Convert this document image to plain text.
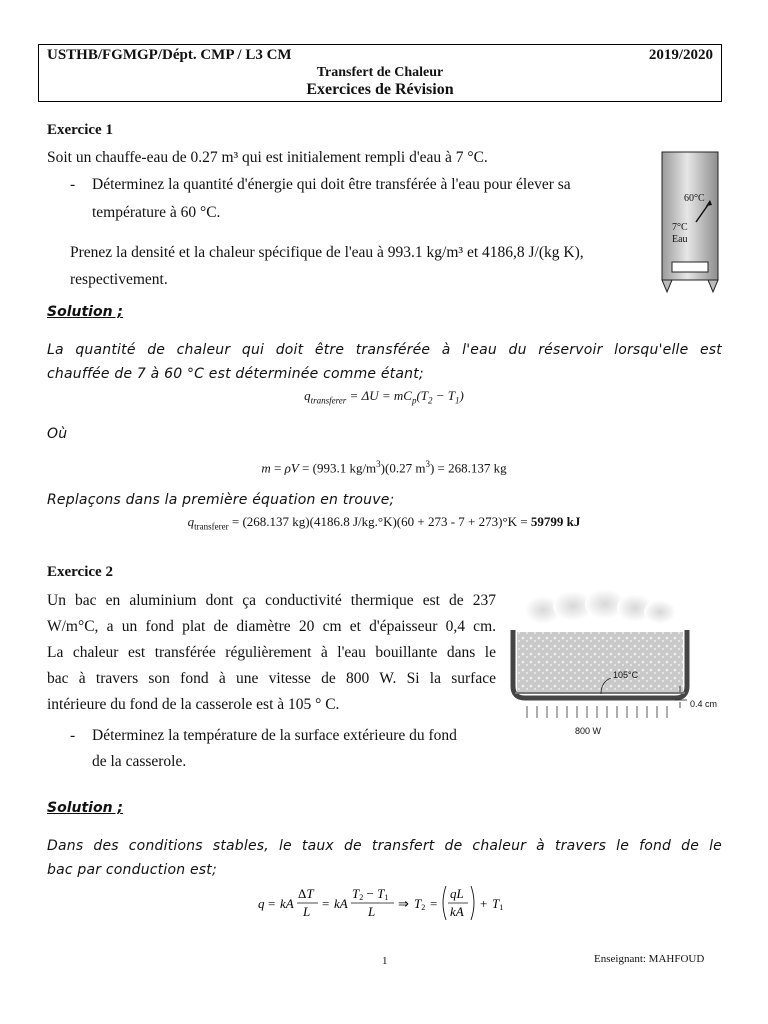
USTHB/FGMGP/Dépt. CMP / L3 CM	2019/2020
Transfert de Chaleur
Exercices de Révision
Exercice 1
Soit un chauffe-eau de 0.27 m³ qui est initialement rempli d'eau à 7 °C.
- Déterminez la quantité d'énergie qui doit être transférée à l'eau pour élever sa
température à 60 °C.
Prenez la densité et la chaleur spécifique de l'eau à 993.1 kg/m³ et 4186,8 J/(kg K),
respectivement.
60°C
7°C
Eau
Solution ;
La quantité de chaleur qui doit être transférée à l'eau du réservoir lorsqu'elle est
chauffée de 7 à 60 °C est déterminée comme étant;
$q_{transferer} = \Delta U = mC_p(T_2 - T_1)$
Où
m = ρV = (993.1 $kg/m^3)(0.27$ $m^3) = 268.137$ kg
Replaçons dans la première équation en trouve;
$q_{transferer} = (268.137$ kg)(4186.8 J/kg.°K)(60 + 273 - 7 + 273)°K = 59799 kJ
Exercice 2
Un bac en aluminium dont ça conductivité thermique est de 237
W/m°C, a un fond plat de diamètre 20 cm et d'épaisseur 0,4 cm.
La chaleur est transférée régulièrement à l'eau bouillante dans le
bac à travers son fond à une vitesse de 800 W. Si la surface
intérieure du fond de la casserole est à 105 ° C.
- Déterminez la température de la surface extérieure du fond
de la casserole.
105°C
0.4 cm
800 W
Solution ;
Dans des conditions stables, le taux de transfert de chaleur à travers le fond de le
bac par conduction est;
q = kA
ΔT
L
= kA
T2 − T1
L
⇒ T2 =
qL
kA
+ T1
1	Enseignant: MAHFOUD
